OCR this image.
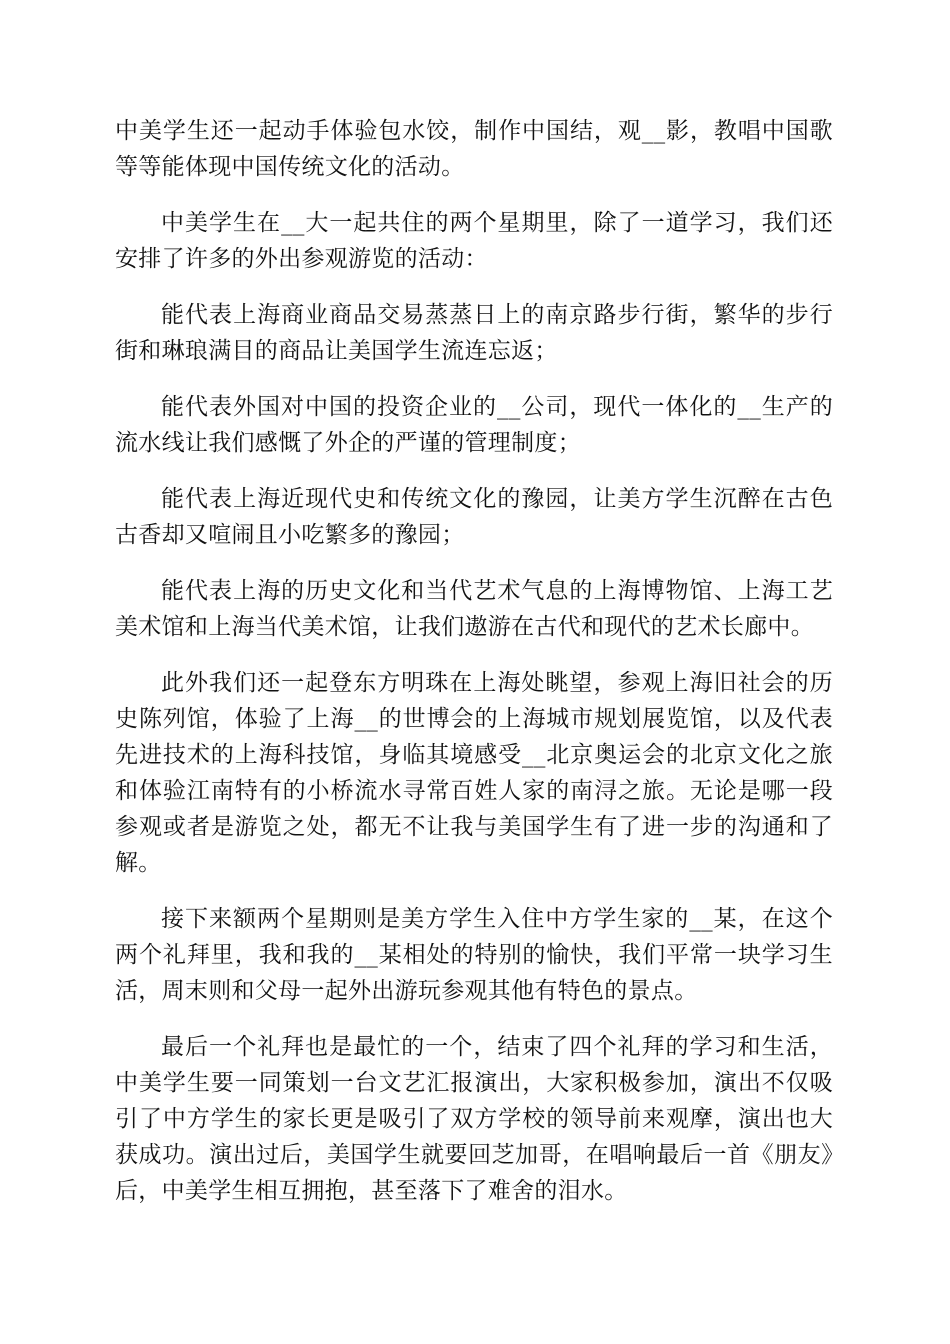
中美学生还一起动手体验包水饺，制作中国结，观__影，教唱中国歌等等能体现中国传统文化的活动。

中美学生在__大一起共住的两个星期里，除了一道学习，我们还安排了许多的外出参观游览的活动：

能代表上海商业商品交易蒸蒸日上的南京路步行街，繁华的步行街和琳琅满目的商品让美国学生流连忘返；

能代表外国对中国的投资企业的__公司，现代一体化的__生产的流水线让我们感慨了外企的严谨的管理制度；

能代表上海近现代史和传统文化的豫园，让美方学生沉醉在古色古香却又喧闹且小吃繁多的豫园；

能代表上海的历史文化和当代艺术气息的上海博物馆、上海工艺美术馆和上海当代美术馆，让我们遨游在古代和现代的艺术长廊中。

此外我们还一起登东方明珠在上海处眺望，参观上海旧社会的历史陈列馆，体验了上海__的世博会的上海城市规划展览馆，以及代表先进技术的上海科技馆，身临其境感受__北京奥运会的北京文化之旅和体验江南特有的小桥流水寻常百姓人家的南浔之旅。无论是哪一段参观或者是游览之处，都无不让我与美国学生有了进一步的沟通和了解。

接下来额两个星期则是美方学生入住中方学生家的__某，在这个两个礼拜里，我和我的__某相处的特别的愉快，我们平常一块学习生活，周末则和父母一起外出游玩参观其他有特色的景点。

最后一个礼拜也是最忙的一个，结束了四个礼拜的学习和生活，中美学生要一同策划一台文艺汇报演出，大家积极参加，演出不仅吸引了中方学生的家长更是吸引了双方学校的领导前来观摩，演出也大获成功。演出过后，美国学生就要回芝加哥，在唱响最后一首《朋友》后，中美学生相互拥抱，甚至落下了难舍的泪水。
